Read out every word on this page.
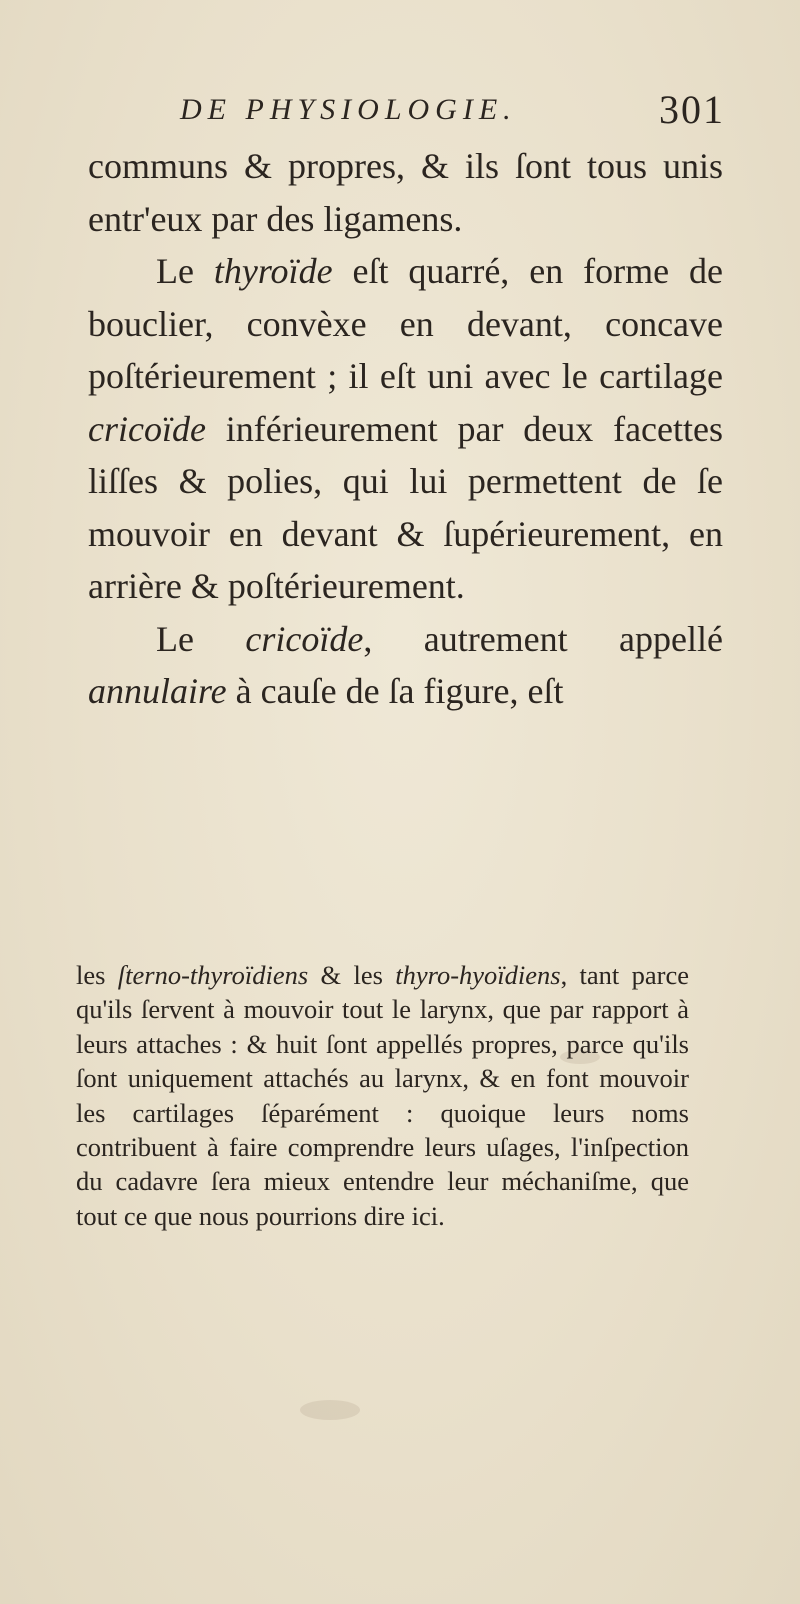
DE PHYSIOLOGIE.	301

communs & propres, & ils ſont tous unis entr'eux par des ligamens.

Le thyroïde eſt quarré, en forme de bouclier, convèxe en devant, concave poſtérieurement ; il eſt uni avec le cartilage cricoïde inférieurement par deux facettes liſſes & polies, qui lui permettent de ſe mouvoir en devant & ſupérieurement, en arrière & poſtérieurement.

Le cricoïde, autrement appellé annulaire à cauſe de ſa figure, eſt

les ſterno-thyroïdiens & les thyro-hyoïdiens, tant parce qu'ils ſervent à mouvoir tout le larynx, que par rapport à leurs attaches : & huit ſont appellés propres, parce qu'ils ſont uniquement attachés au larynx, & en font mouvoir les cartilages ſéparément : quoique leurs noms contribuent à faire comprendre leurs uſages, l'inſpection du cadavre ſera mieux entendre leur méchaniſme, que tout ce que nous pourrions dire ici.
